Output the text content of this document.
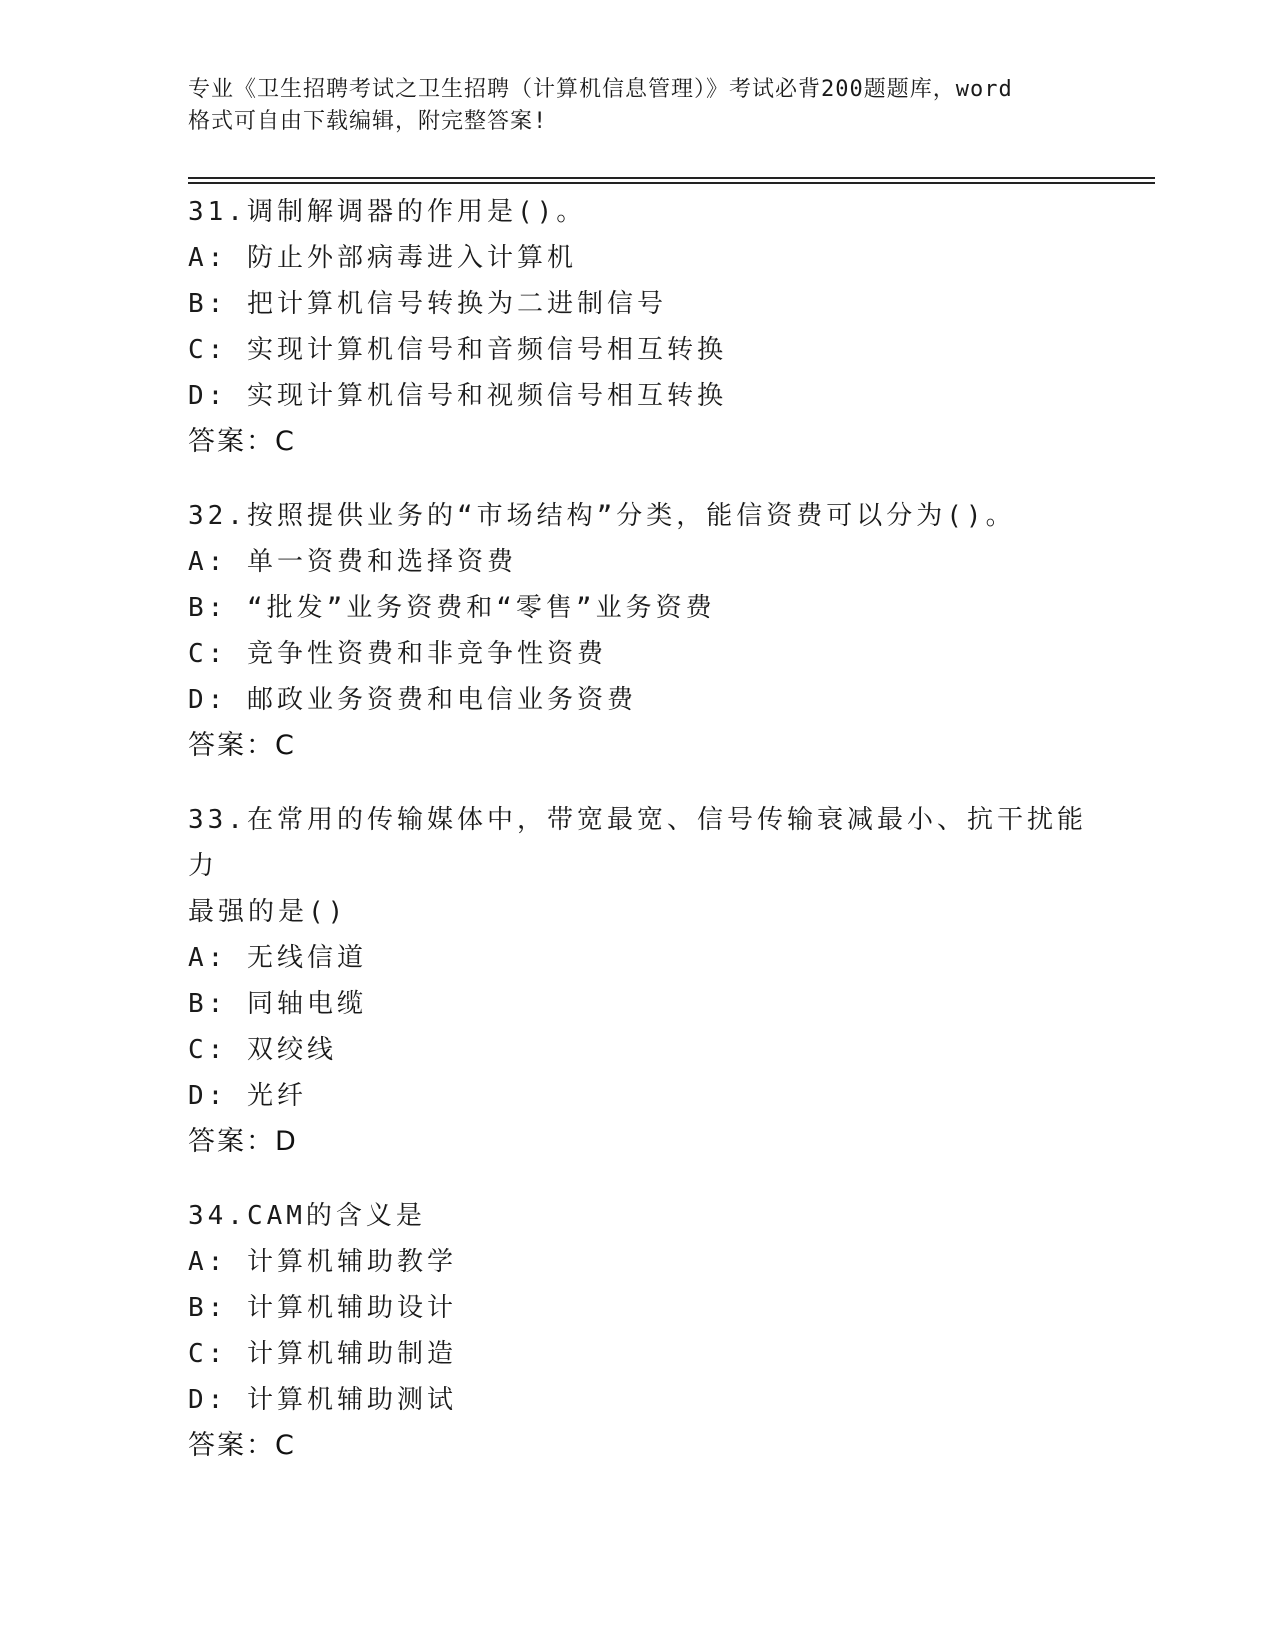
专业《卫生招聘考试之卫生招聘（计算机信息管理）》考试必背200题题库，word
格式可自由下载编辑，附完整答案!
31.调制解调器的作用是()。
A: 防止外部病毒进入计算机
B: 把计算机信号转换为二进制信号
C: 实现计算机信号和音频信号相互转换
D: 实现计算机信号和视频信号相互转换
答案：C
32.按照提供业务的“市场结构”分类，能信资费可以分为()。
A: 单一资费和选择资费
B: “批发”业务资费和“零售”业务资费
C: 竞争性资费和非竞争性资费
D: 邮政业务资费和电信业务资费
答案：C
33.在常用的传输媒体中，带宽最宽、信号传输衰减最小、抗干扰能力
最强的是()
A: 无线信道
B: 同轴电缆
C: 双绞线
D: 光纤
答案：D
34.CAM的含义是
A: 计算机辅助教学
B: 计算机辅助设计
C: 计算机辅助制造
D: 计算机辅助测试
答案：C
